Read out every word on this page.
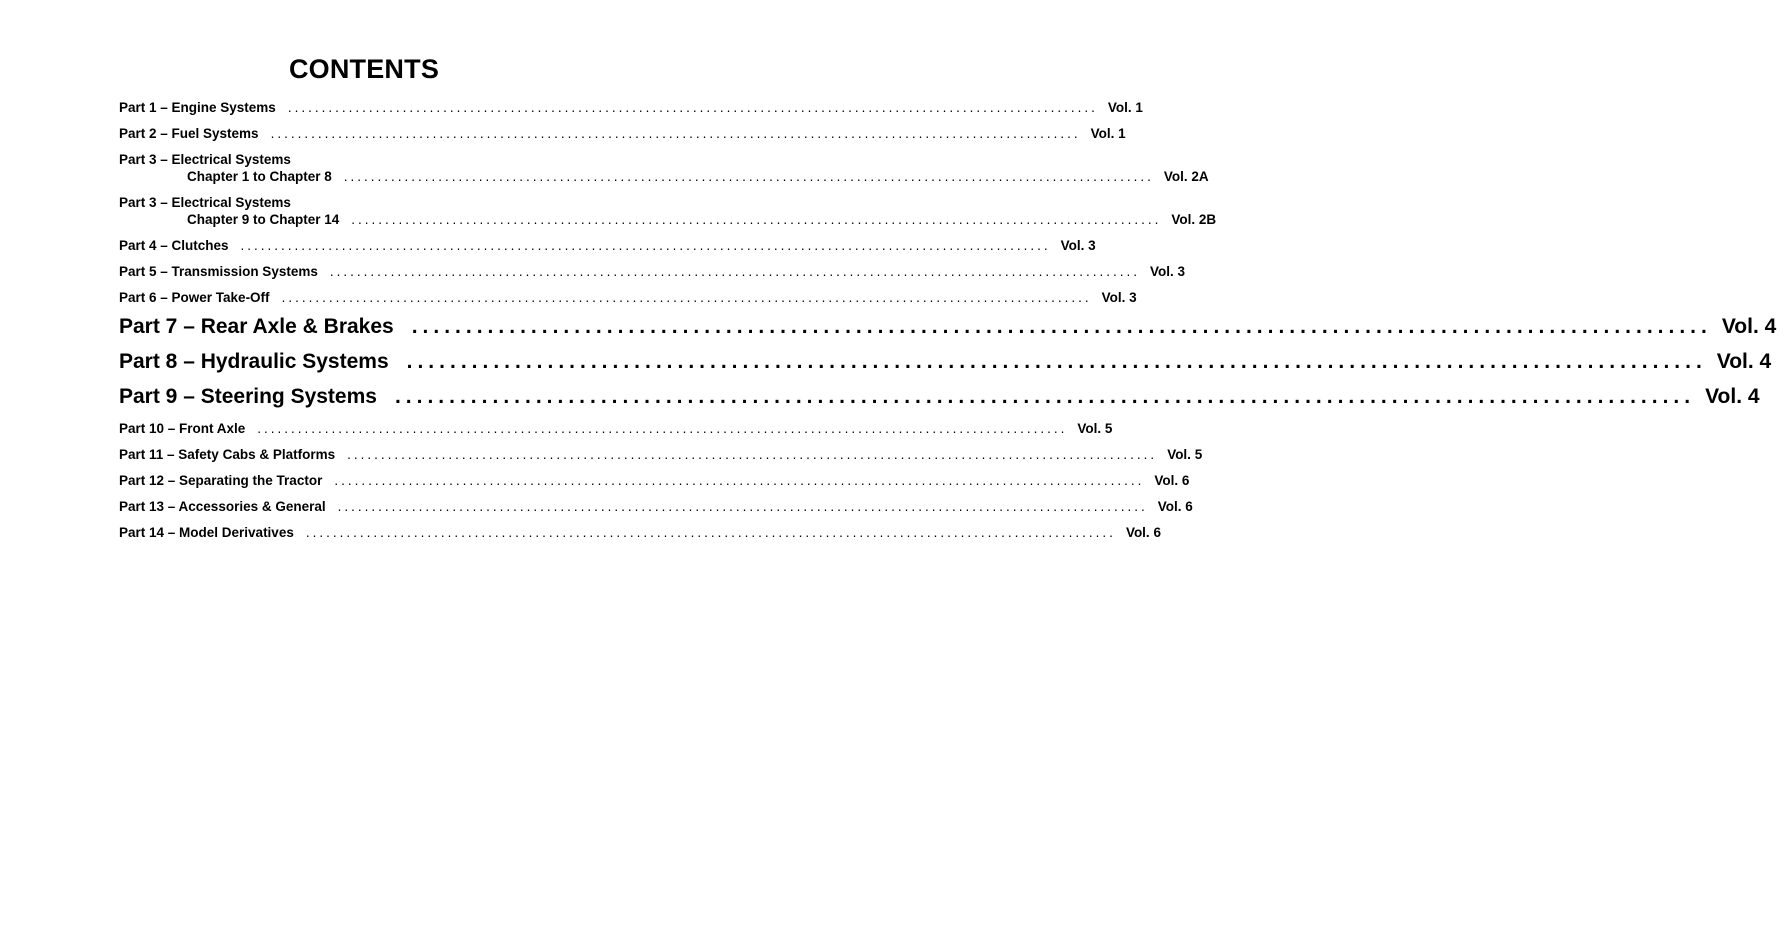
CONTENTS
Part 1 – Engine Systems ........................................................................................................................ Vol. 1
Part 2 – Fuel Systems ........................................................................................................................ Vol. 1
Part 3 – Electrical Systems
Chapter 1 to Chapter 8 ........................................................................................................................ Vol. 2A
Part 3 – Electrical Systems
Chapter 9 to Chapter 14 ........................................................................................................................ Vol. 2B
Part 4 – Clutches ........................................................................................................................ Vol. 3
Part 5 – Transmission Systems ........................................................................................................................ Vol. 3
Part 6 – Power Take-Off ........................................................................................................................ Vol. 3
Part 7 – Rear Axle & Brakes ........................................................................................................................ Vol. 4
Part 8 – Hydraulic Systems ........................................................................................................................ Vol. 4
Part 9 – Steering Systems ........................................................................................................................ Vol. 4
Part 10 – Front Axle ........................................................................................................................ Vol. 5
Part 11 – Safety Cabs & Platforms ........................................................................................................................ Vol. 5
Part 12 – Separating the Tractor ........................................................................................................................ Vol. 6
Part 13 – Accessories & General ........................................................................................................................ Vol. 6
Part 14 – Model Derivatives ........................................................................................................................ Vol. 6
